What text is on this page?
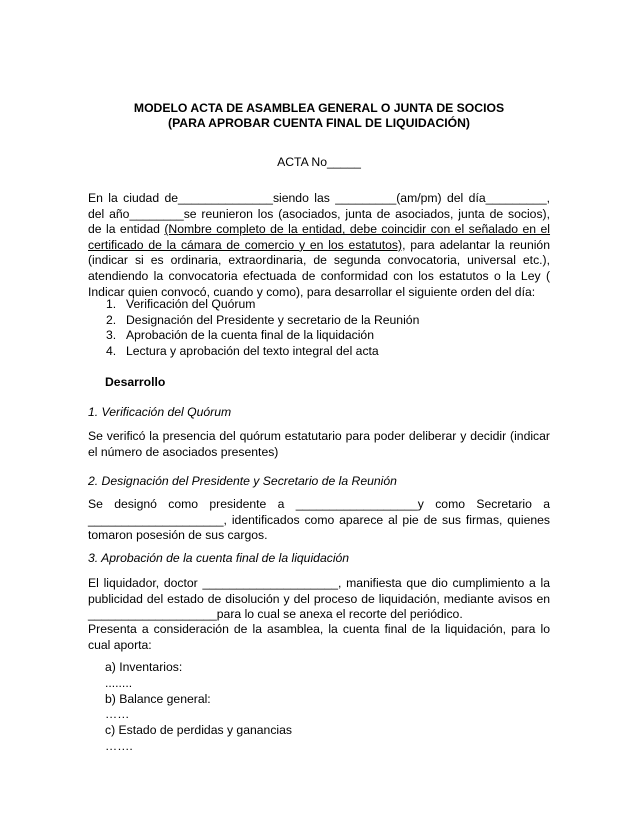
MODELO ACTA DE ASAMBLEA GENERAL O JUNTA DE SOCIOS
(PARA APROBAR CUENTA FINAL DE LIQUIDACIÓN)
ACTA No_____
En la ciudad de______________siendo las _________(am/pm) del día_________, del año________se reunieron los (asociados, junta de asociados, junta de socios), de la entidad (Nombre completo de la entidad, debe coincidir con el señalado en el certificado de la cámara de comercio y en los estatutos), para adelantar la reunión (indicar si es ordinaria, extraordinaria, de segunda convocatoria, universal etc.), atendiendo la convocatoria efectuada de conformidad con los estatutos o la Ley ( Indicar quien convocó, cuando y como), para desarrollar el siguiente orden del día:
1. Verificación del Quórum
2. Designación del Presidente y secretario de la Reunión
3. Aprobación de la cuenta final de la liquidación
4. Lectura y aprobación del texto integral del acta
Desarrollo
1. Verificación del Quórum
Se verificó la presencia del quórum estatutario para poder deliberar y decidir (indicar el número de asociados presentes)
2. Designación del Presidente y Secretario de la Reunión
Se designó como presidente a __________________y como Secretario a ____________________, identificados como aparece al pie de sus firmas, quienes tomaron posesión de sus cargos.
3. Aprobación de la cuenta final de la liquidación
El liquidador, doctor ____________________, manifiesta que dio cumplimiento a la publicidad del estado de disolución y del proceso de liquidación, mediante avisos en ___________________para lo cual se anexa el recorte del periódico.
Presenta a consideración de la asamblea, la cuenta final de la liquidación, para lo cual aporta:
a) Inventarios:
........
b) Balance general:
……
c) Estado de perdidas y ganancias
…….
